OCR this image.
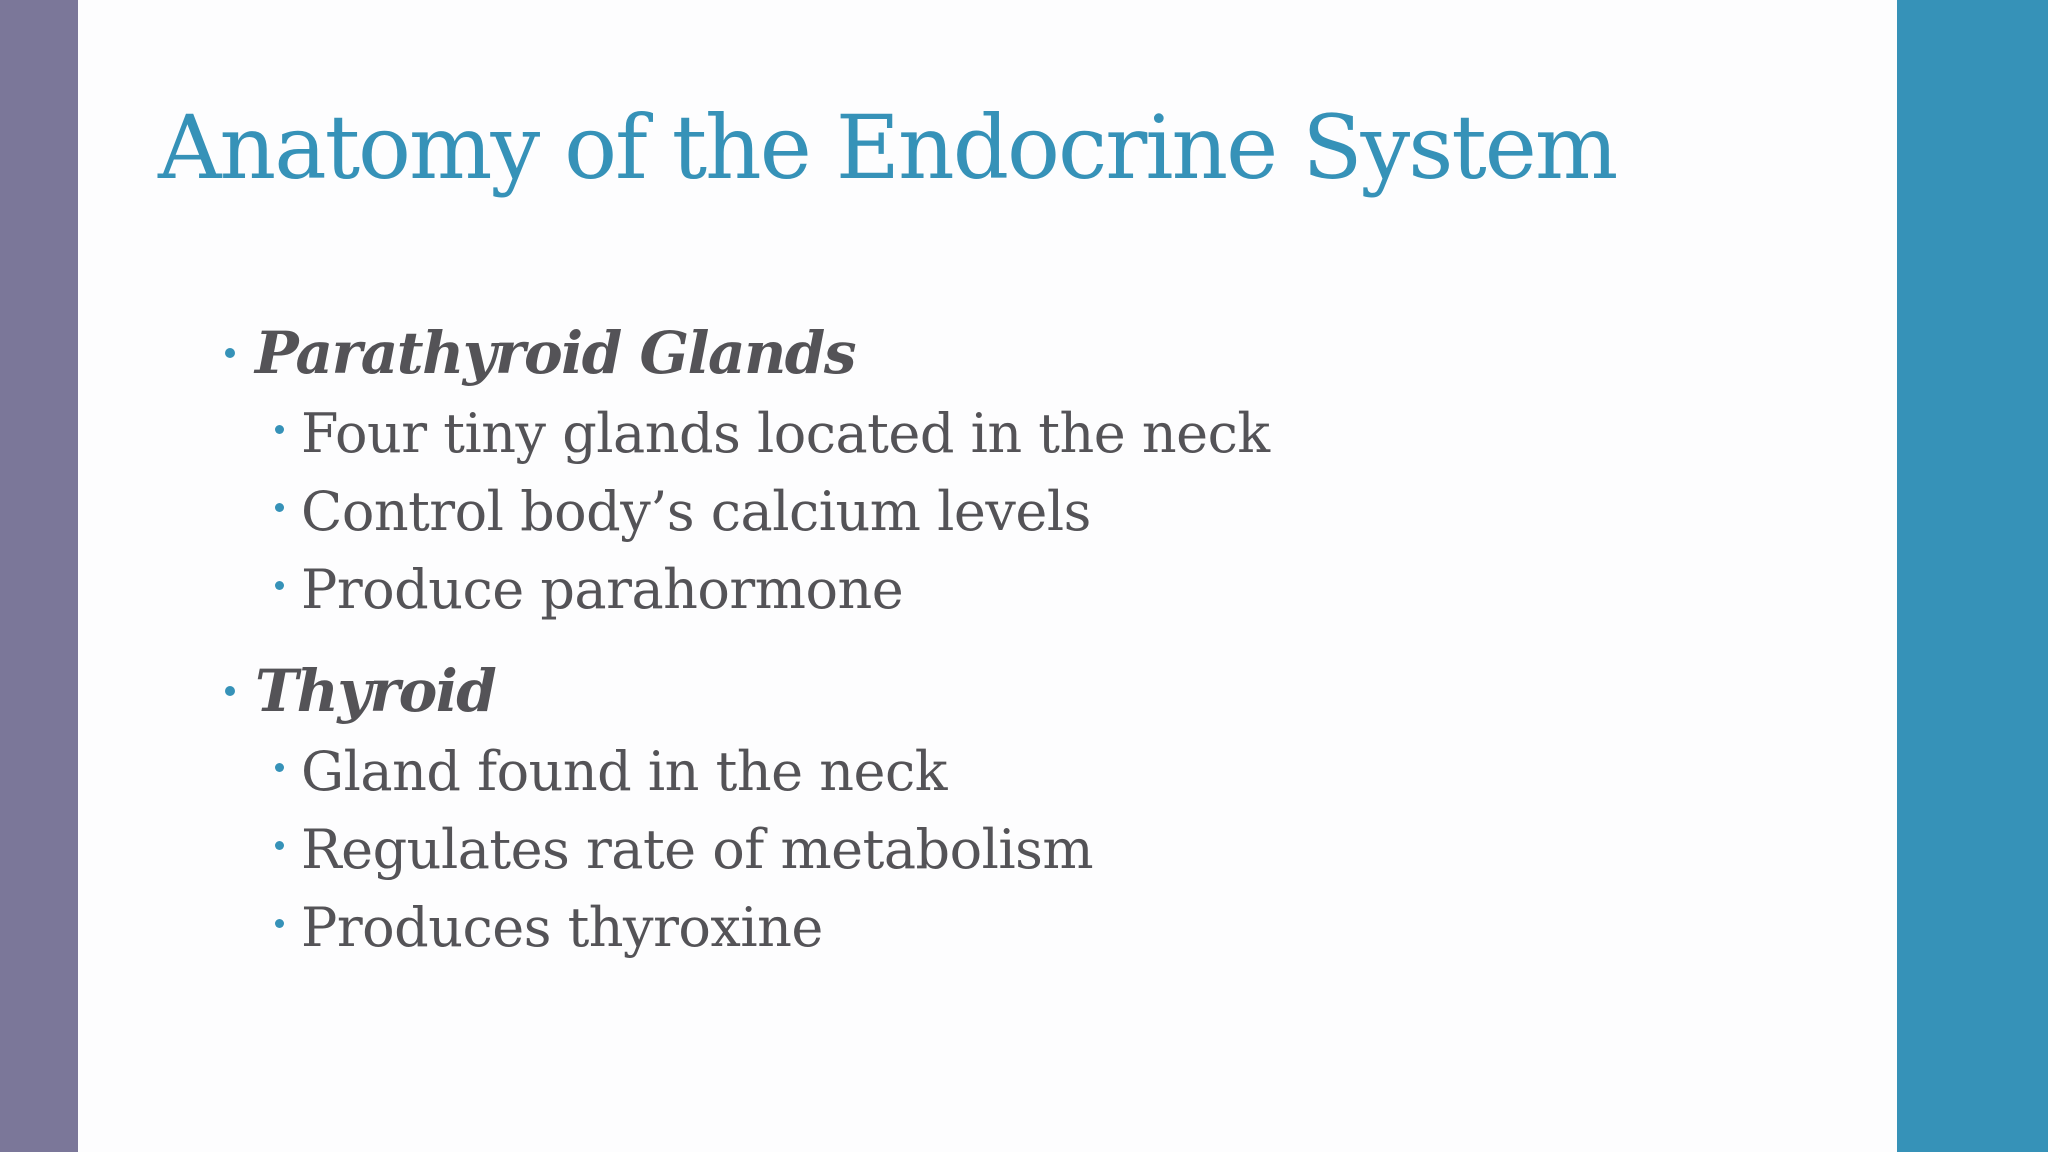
Anatomy of the Endocrine System
Parathyroid Glands
Four tiny glands located in the neck
Control body’s calcium levels
Produce parahormone
Thyroid
Gland found in the neck
Regulates rate of metabolism
Produces thyroxine
